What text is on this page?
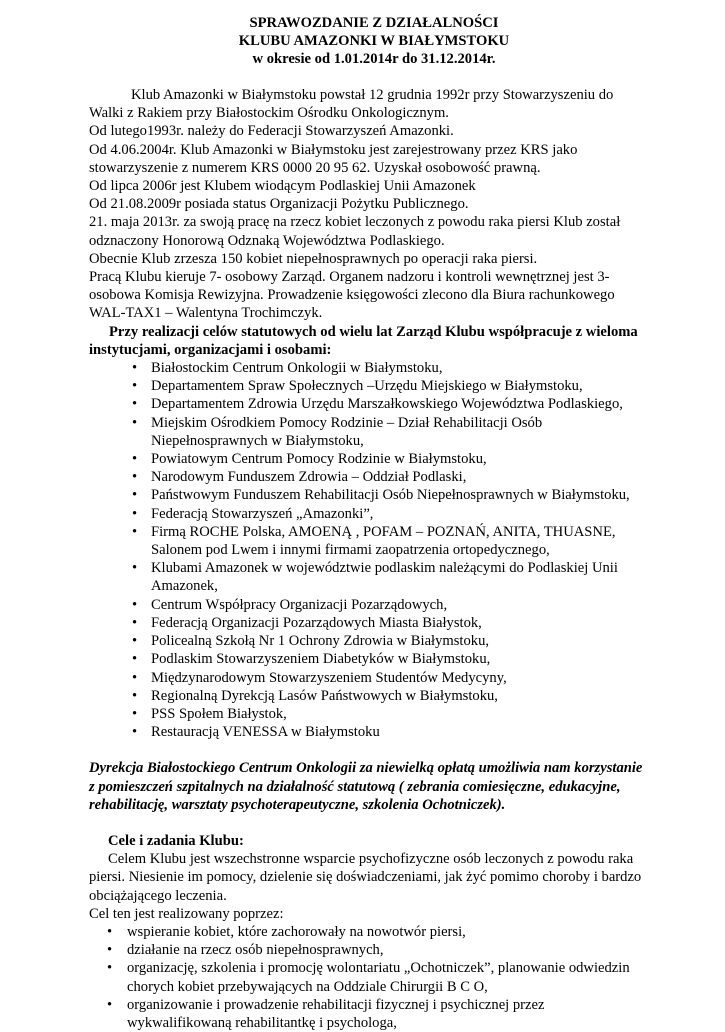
SPRAWOZDANIE Z DZIAŁALNOŚCI
KLUBU AMAZONKI W BIAŁYMSTOKU
w okresie od 1.01.2014r do 31.12.2014r.

Klub Amazonki w Białymstoku powstał 12 grudnia 1992r przy Stowarzyszeniu do Walki z Rakiem przy Białostockim Ośrodku Onkologicznym.

Od lutego1993r. należy do Federacji Stowarzyszeń Amazonki.

Od 4.06.2004r. Klub Amazonki w Białymstoku jest zarejestrowany przez KRS jako stowarzyszenie z numerem KRS 0000 20 95 62. Uzyskał osobowość prawną.

Od lipca 2006r jest Klubem wiodącym Podlaskiej Unii Amazonek

Od 21.08.2009r posiada status Organizacji Pożytku Publicznego.

21. maja 2013r. za swoją pracę na rzecz kobiet leczonych z powodu raka piersi Klub został odznaczony Honorową Odznaką Województwa Podlaskiego.

Obecnie Klub zrzesza 150 kobiet niepełnosprawnych po operacji raka piersi.

Pracą Klubu kieruje 7- osobowy Zarząd. Organem nadzoru i kontroli wewnętrznej jest 3-osobowa Komisja Rewizyjna. Prowadzenie księgowości zlecono dla Biura rachunkowego WAL-TAX1 – Walentyna Trochimczyk.

Przy realizacji celów statutowych od wielu lat Zarząd Klubu współpracuje z wieloma instytucjami, organizacjami i osobami:

• Białostockim Centrum Onkologii w Białymstoku,
• Departamentem Spraw Społecznych –Urzędu Miejskiego w Białymstoku,
• Departamentem Zdrowia Urzędu Marszałkowskiego Województwa Podlaskiego,
• Miejskim Ośrodkiem Pomocy Rodzinie – Dział Rehabilitacji Osób Niepełnosprawnych w Białymstoku,
• Powiatowym Centrum Pomocy Rodzinie w Białymstoku,
• Narodowym Funduszem Zdrowia – Oddział Podlaski,
• Państwowym Funduszem Rehabilitacji Osób Niepełnosprawnych w Białymstoku,
• Federacją Stowarzyszeń „Amazonki”,
• Firmą ROCHE Polska, AMOENĄ , POFAM – POZNAŃ, ANITA, THUASNE, Salonem pod Lwem i innymi firmami zaopatrzenia ortopedycznego,
• Klubami Amazonek w województwie podlaskim należącymi do Podlaskiej Unii Amazonek,
• Centrum Współpracy Organizacji Pozarządowych,
• Federacją Organizacji Pozarządowych Miasta Białystok,
• Policealną Szkołą Nr 1 Ochrony Zdrowia w Białymstoku,
• Podlaskim Stowarzyszeniem Diabetyków w Białymstoku,
• Międzynarodowym Stowarzyszeniem Studentów Medycyny,
• Regionalną Dyrekcją Lasów Państwowych w Białymstoku,
• PSS Społem Białystok,
• Restauracją VENESSA w Białymstoku

Dyrekcja Białostockiego Centrum Onkologii za niewielką opłatą umożliwia nam korzystanie z pomieszczeń szpitalnych na działalność statutową ( zebrania comiesięczne, edukacyjne, rehabilitację, warsztaty psychoterapeutyczne, szkolenia Ochotniczek).

Cele i zadania Klubu:

Celem Klubu jest wszechstronne wsparcie psychofizyczne osób leczonych z powodu raka piersi. Niesienie im pomocy, dzielenie się doświadczeniami, jak żyć pomimo choroby i bardzo obciążającego leczenia.

Cel ten jest realizowany poprzez:

• wspieranie kobiet, które zachorowały na nowotwór piersi,
• działanie na rzecz osób niepełnosprawnych,
• organizację, szkolenia i promocję wolontariatu „Ochotniczek”, planowanie odwiedzin chorych kobiet przebywających na Oddziale Chirurgii B C O,
• organizowanie i prowadzenie rehabilitacji fizycznej i psychicznej przez wykwalifikowaną rehabilitantkę i psychologa,
